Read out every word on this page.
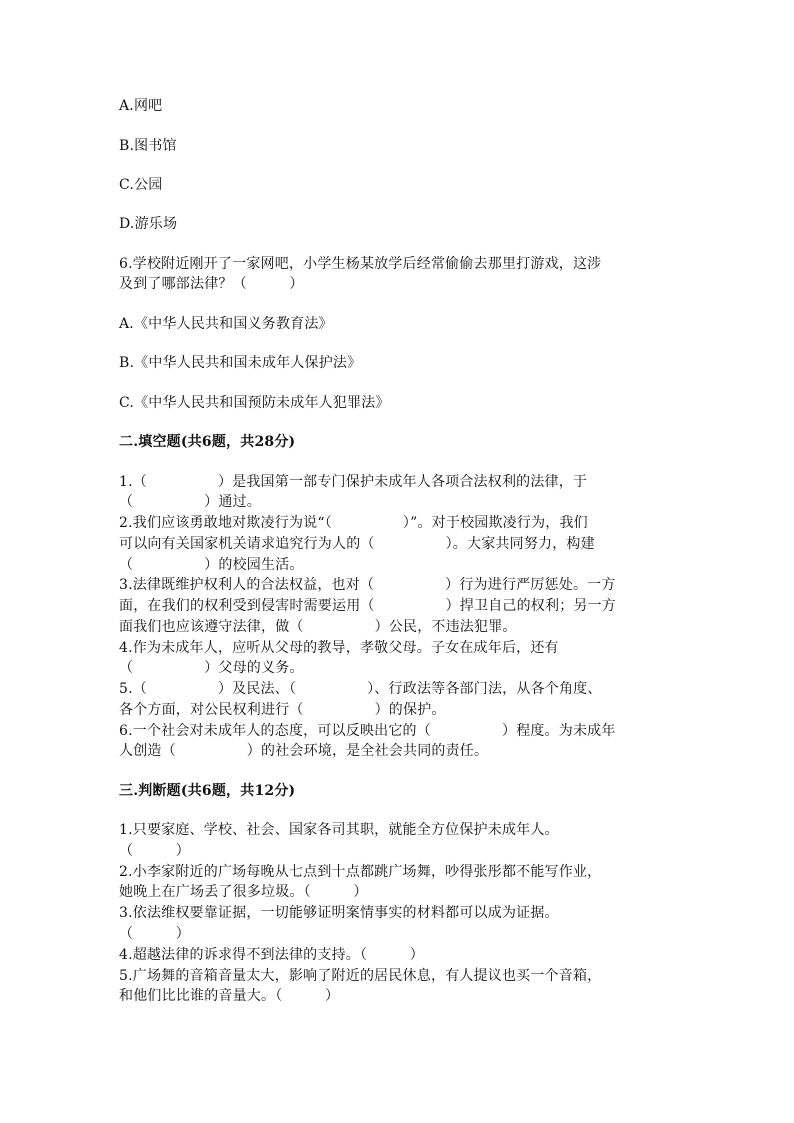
A.网吧
B.图书馆
C.公园
D.游乐场
6.学校附近刚开了一家网吧，小学生杨某放学后经常偷偷去那里打游戏，这涉
及到了哪部法律？（　　　）
A.《中华人民共和国义务教育法》
B.《中华人民共和国未成年人保护法》
C.《中华人民共和国预防未成年人犯罪法》
二.填空题(共6题，共28分)
1.（　　　　　）是我国第一部专门保护未成年人各项合法权利的法律，于
（　　　　　）通过。
2.我们应该勇敢地对欺凌行为说“（　　　　　）”。对于校园欺凌行为，我们
可以向有关国家机关请求追究行为人的（　　　　　）。大家共同努力，构建
（　　　　　）的校园生活。
3.法律既维护权利人的合法权益，也对（　　　　　）行为进行严厉惩处。一方
面，在我们的权利受到侵害时需要运用（　　　　　）捍卫自己的权利；另一方
面我们也应该遵守法律，做（　　　　　）公民，不违法犯罪。
4.作为未成年人，应听从父母的教导，孝敬父母。子女在成年后，还有
（　　　　　）父母的义务。
5.（　　　　　）及民法、（　　　　　）、行政法等各部门法，从各个角度、
各个方面，对公民权利进行（　　　　　）的保护。
6.一个社会对未成年人的态度，可以反映出它的（　　　　　）程度。为未成年
人创造（　　　　　）的社会环境，是全社会共同的责任。
三.判断题(共6题，共12分)
1.只要家庭、学校、社会、国家各司其职，就能全方位保护未成年人。
（　　　）
2.小李家附近的广场每晚从七点到十点都跳广场舞，吵得张彤都不能写作业，
她晚上在广场丢了很多垃圾。（　　　）
3.依法维权要靠证据，一切能够证明案情事实的材料都可以成为证据。
（　　　）
4.超越法律的诉求得不到法律的支持。（　　　）
5.广场舞的音箱音量太大，影响了附近的居民休息，有人提议也买一个音箱，
和他们比比谁的音量大。（　　　）
